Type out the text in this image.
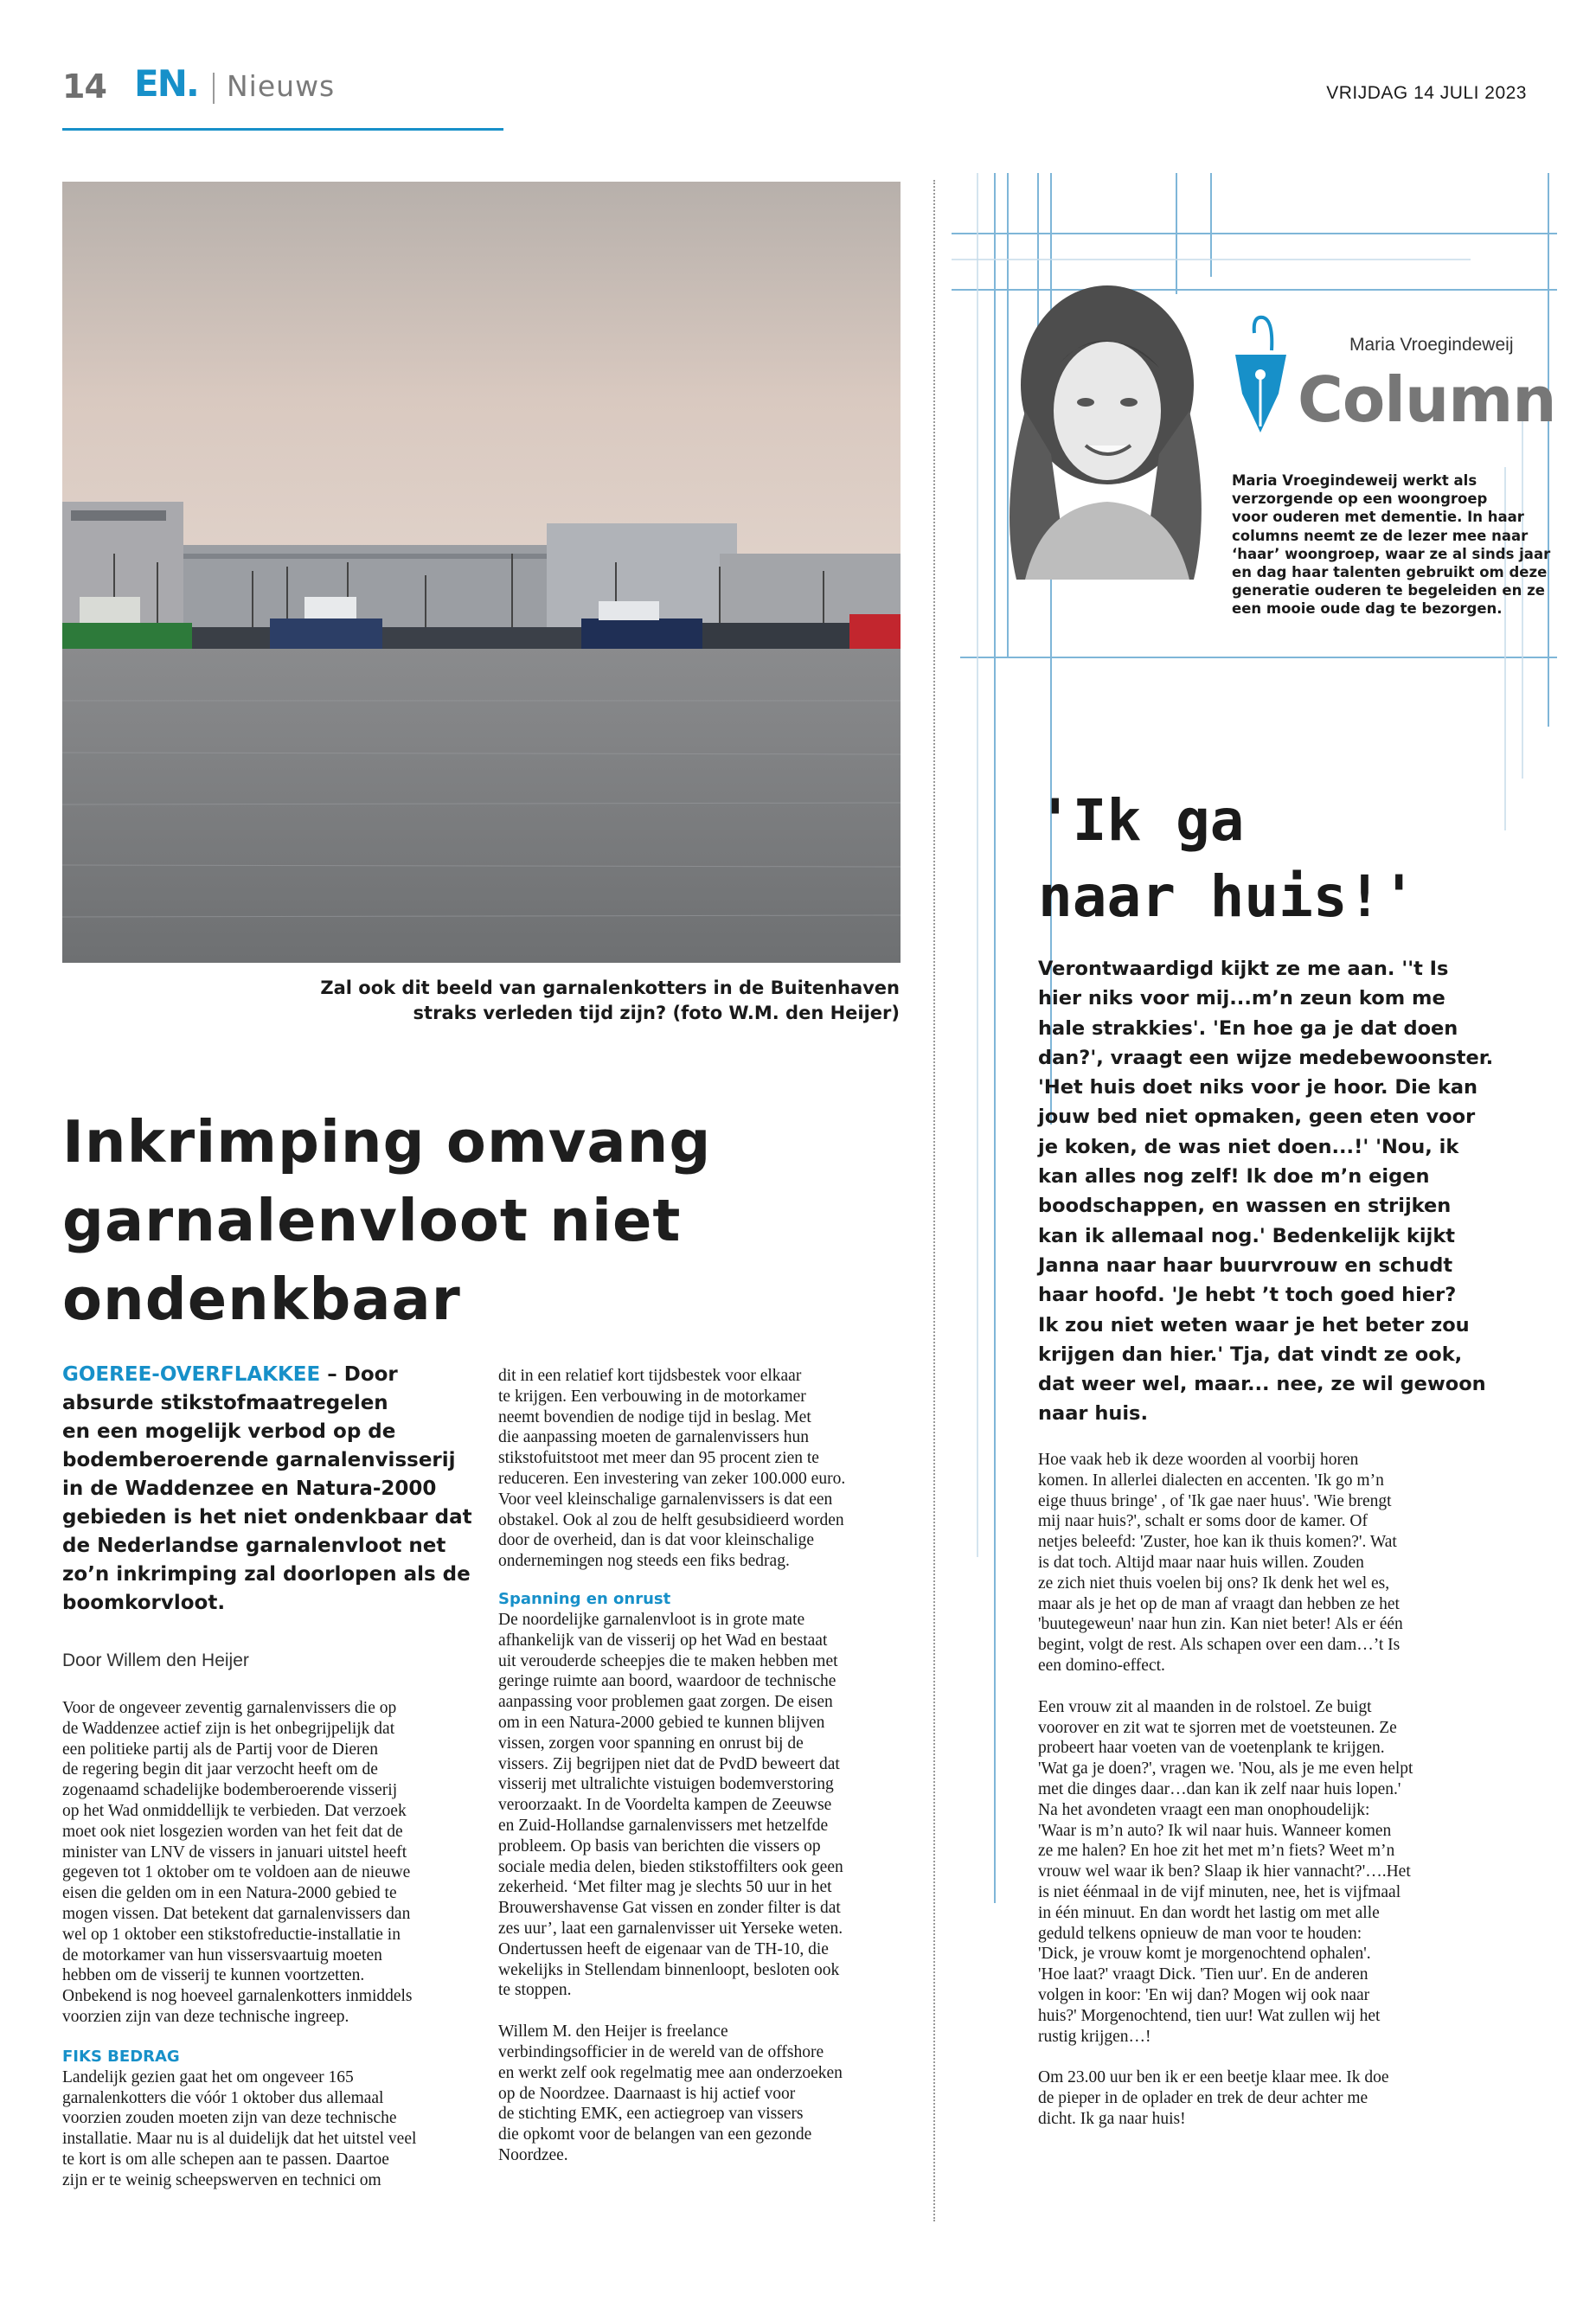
14 EN. Nieuws	VRIJDAG 14 JULI 2023
Zal ook dit beeld van garnalenkotters in de Buitenhaven
straks verleden tijd zijn? (foto W.M. den Heijer)
Inkrimping omvang
garnalenvloot niet
ondenkbaar
GOEREE-OVERFLAKKEE – Door
absurde stikstofmaatregelen
en een mogelijk verbod op de
bodemberoerende garnalenvisserij
in de Waddenzee en Natura-2000
gebieden is het niet ondenkbaar dat
de Nederlandse garnalenvloot net
zo’n inkrimping zal doorlopen als de
boomkorvloot.
Door Willem den Heijer
Voor de ongeveer zeventig garnalenvissers die op
de Waddenzee actief zijn is het onbegrijpelijk dat
een politieke partij als de Partij voor de Dieren
de regering begin dit jaar verzocht heeft om de
zogenaamd schadelijke bodemberoerende visserij
op het Wad onmiddellijk te verbieden. Dat verzoek
moet ook niet losgezien worden van het feit dat de
minister van LNV de vissers in januari uitstel heeft
gegeven tot 1 oktober om te voldoen aan de nieuwe
eisen die gelden om in een Natura-2000 gebied te
mogen vissen. Dat betekent dat garnalenvissers dan
wel op 1 oktober een stikstofreductie-installatie in
de motorkamer van hun vissersvaartuig moeten
hebben om de visserij te kunnen voortzetten.
Onbekend is nog hoeveel garnalenkotters inmiddels
voorzien zijn van deze technische ingreep.
FIKS BEDRAG
Landelijk gezien gaat het om ongeveer 165
garnalenkotters die vóór 1 oktober dus allemaal
voorzien zouden moeten zijn van deze technische
installatie. Maar nu is al duidelijk dat het uitstel veel
te kort is om alle schepen aan te passen. Daartoe
zijn er te weinig scheepswerven en technici om
dit in een relatief kort tijdsbestek voor elkaar
te krijgen. Een verbouwing in de motorkamer
neemt bovendien de nodige tijd in beslag. Met
die aanpassing moeten de garnalenvissers hun
stikstofuitstoot met meer dan 95 procent zien te
reduceren. Een investering van zeker 100.000 euro.
Voor veel kleinschalige garnalenvissers is dat een
obstakel. Ook al zou de helft gesubsidieerd worden
door de overheid, dan is dat voor kleinschalige
ondernemingen nog steeds een fiks bedrag.
Spanning en onrust
De noordelijke garnalenvloot is in grote mate
afhankelijk van de visserij op het Wad en bestaat
uit verouderde scheepjes die te maken hebben met
geringe ruimte aan boord, waardoor de technische
aanpassing voor problemen gaat zorgen. De eisen
om in een Natura-2000 gebied te kunnen blijven
vissen, zorgen voor spanning en onrust bij de
vissers. Zij begrijpen niet dat de PvdD beweert dat
visserij met ultralichte vistuigen bodemverstoring
veroorzaakt. In de Voordelta kampen de Zeeuwse
en Zuid-Hollandse garnalenvissers met hetzelfde
probleem. Op basis van berichten die vissers op
sociale media delen, bieden stikstoffilters ook geen
zekerheid. ‘Met filter mag je slechts 50 uur in het
Brouwershavense Gat vissen en zonder filter is dat
zes uur’, laat een garnalenvisser uit Yerseke weten.
Ondertussen heeft de eigenaar van de TH-10, die
wekelijks in Stellendam binnenloopt, besloten ook
te stoppen.
Willem M. den Heijer is freelance
verbindingsofficier in de wereld van de offshore
en werkt zelf ook regelmatig mee aan onderzoeken
op de Noordzee. Daarnaast is hij actief voor
de stichting EMK, een actiegroep van vissers
die opkomt voor de belangen van een gezonde
Noordzee.
Maria Vroegindeweij
Column
Maria Vroegindeweij werkt als
verzorgende op een woongroep
voor ouderen met dementie. In haar
columns neemt ze de lezer mee naar
‘haar’ woongroep, waar ze al sinds jaar
en dag haar talenten gebruikt om deze
generatie ouderen te begeleiden en ze
een mooie oude dag te bezorgen.
'Ik ga
naar huis!'
Verontwaardigd kijkt ze me aan. ''t Is
hier niks voor mij...m’n zeun kom me
hale strakkies'. 'En hoe ga je dat doen
dan?', vraagt een wijze medebewoonster.
'Het huis doet niks voor je hoor. Die kan
jouw bed niet opmaken, geen eten voor
je koken, de was niet doen...!' 'Nou, ik
kan alles nog zelf! Ik doe m’n eigen
boodschappen, en wassen en strijken
kan ik allemaal nog.' Bedenkelijk kijkt
Janna naar haar buurvrouw en schudt
haar hoofd. 'Je hebt ’t toch goed hier?
Ik zou niet weten waar je het beter zou
krijgen dan hier.' Tja, dat vindt ze ook,
dat weer wel, maar... nee, ze wil gewoon
naar huis.
Hoe vaak heb ik deze woorden al voorbij horen
komen. In allerlei dialecten en accenten. 'Ik go m’n
eige thuus bringe' , of 'Ik gae naer huus'. 'Wie brengt
mij naar huis?', schalt er soms door de kamer. Of
netjes beleefd: 'Zuster, hoe kan ik thuis komen?'. Wat
is dat toch. Altijd maar naar huis willen. Zouden
ze zich niet thuis voelen bij ons? Ik denk het wel es,
maar als je het op de man af vraagt dan hebben ze het
'buutegeweun' naar hun zin. Kan niet beter! Als er één
begint, volgt de rest. Als schapen over een dam…’t Is
een domino-effect.
Een vrouw zit al maanden in de rolstoel. Ze buigt
voorover en zit wat te sjorren met de voetsteunen. Ze
probeert haar voeten van de voetenplank te krijgen.
'Wat ga je doen?', vragen we. 'Nou, als je me even helpt
met die dinges daar…dan kan ik zelf naar huis lopen.'
Na het avondeten vraagt een man onophoudelijk:
'Waar is m’n auto? Ik wil naar huis. Wanneer komen
ze me halen? En hoe zit het met m’n fiets? Weet m’n
vrouw wel waar ik ben? Slaap ik hier vannacht?'….Het
is niet éénmaal in de vijf minuten, nee, het is vijfmaal
in één minuut. En dan wordt het lastig om met alle
geduld telkens opnieuw de man voor te houden:
'Dick, je vrouw komt je morgenochtend ophalen'.
'Hoe laat?' vraagt Dick. 'Tien uur'. En de anderen
volgen in koor: 'En wij dan? Mogen wij ook naar
huis?' Morgenochtend, tien uur! Wat zullen wij het
rustig krijgen…!
Om 23.00 uur ben ik er een beetje klaar mee. Ik doe
de pieper in de oplader en trek de deur achter me
dicht. Ik ga naar huis!
